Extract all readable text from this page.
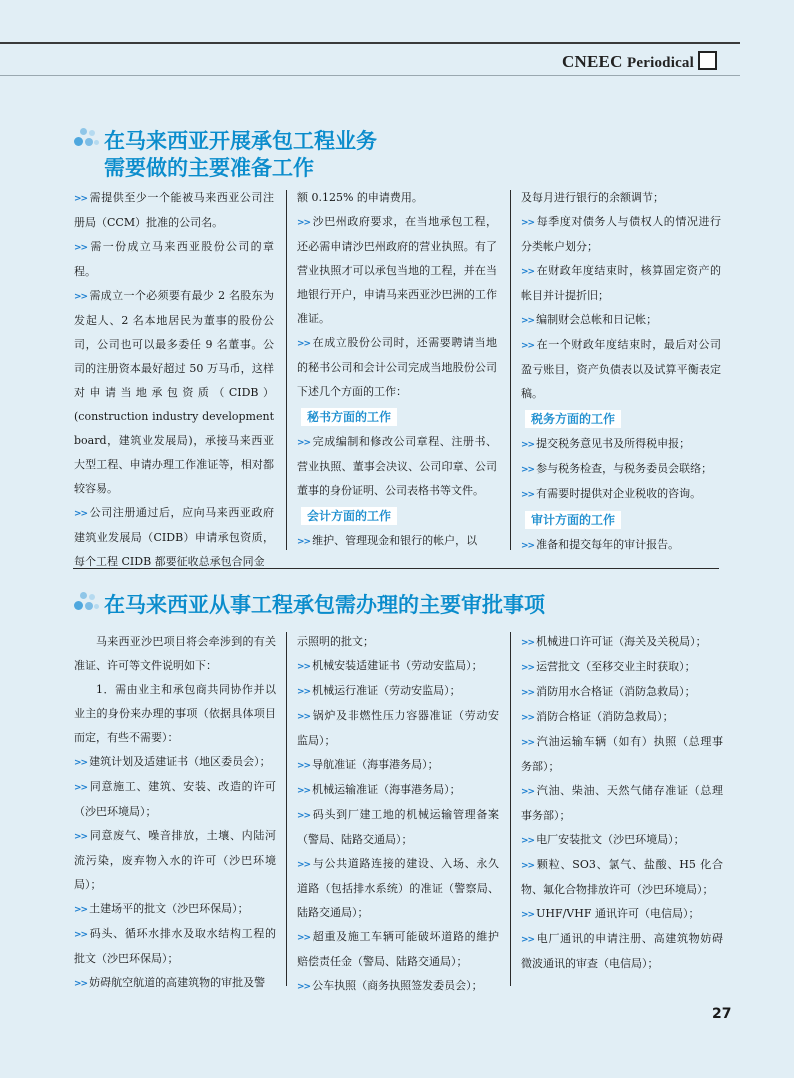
CNEEC Periodical
在马来西亚开展承包工程业务
需要做的主要准备工作

>> 需提供至少一个能被马来西亚公司注册局（CCM）批准的公司名。

>> 需一份成立马来西亚股份公司的章程。

>> 需成立一个必须要有最少 2 名股东为发起人、2 名本地居民为董事的股份公司，公司也可以最多委任 9 名董事。公司的注册资本最好超过 50 万马币，这样对申请当地承包资质（CIDB）(construction industry development board，建筑业发展局)，承接马来西亚大型工程、申请办理工作准证等，相对都较容易。

>> 公司注册通过后，应向马来西亚政府建筑业发展局（CIDB）申请承包资质，每个工程 CIDB 都要征收总承包合同金

额 0.125% 的申请费用。

>> 沙巴州政府要求，在当地承包工程，还必需申请沙巴州政府的营业执照。有了营业执照才可以承包当地的工程，并在当地银行开户，申请马来西亚沙巴洲的工作准证。

>> 在成立股份公司时，还需要聘请当地的秘书公司和会计公司完成当地股份公司下述几个方面的工作：

秘书方面的工作

>> 完成编制和修改公司章程、注册书、营业执照、董事会决议、公司印章、公司董事的身份证明、公司表格书等文件。

会计方面的工作

>> 维护、管理现金和银行的帐户，以

及每月进行银行的余额调节；

>> 每季度对债务人与债权人的情况进行分类帐户划分；

>> 在财政年度结束时，核算固定资产的帐目并计提折旧；

>> 编制财会总帐和日记帐；

>> 在一个财政年度结束时，最后对公司盈亏账目，资产负债表以及试算平衡表定稿。

税务方面的工作

>> 提交税务意见书及所得税申报；

>> 参与税务检查，与税务委员会联络；

>> 有需要时提供对企业税收的咨询。

审计方面的工作

>> 准备和提交每年的审计报告。

在马来西亚从事工程承包需办理的主要审批事项

马来西亚沙巴项目将会牵涉到的有关准证、许可等文件说明如下：

1．需由业主和承包商共同协作并以业主的身份来办理的事项（依据具体项目而定，有些不需要）：

>> 建筑计划及适建证书（地区委员会）；

>> 同意施工、建筑、安装、改造的许可（沙巴环境局）；

>> 同意废气、噪音排放，土壤、内陆河流污染，废弃物入水的许可（沙巴环境局）；

>> 土建场平的批文（沙巴环保局）；

>> 码头、循环水排水及取水结构工程的批文（沙巴环保局）；

>> 妨碍航空航道的高建筑物的审批及警

示照明的批文；

>> 机械安装适建证书（劳动安监局）；

>> 机械运行准证（劳动安监局）；

>> 锅炉及非燃性压力容器准证（劳动安监局）；

>> 导航准证（海事港务局）；

>> 机械运输准证（海事港务局）；

>> 码头到厂建工地的机械运输管理备案（警局、陆路交通局）；

>> 与公共道路连接的建设、入场、永久道路（包括排水系统）的准证（警察局、陆路交通局）；

>> 超重及施工车辆可能破坏道路的維护赔偿责任金（警局、陆路交通局）；

>> 公车执照（商务执照签发委员会）；

>> 机械进口许可证（海关及关税局）；

>> 运营批文（至移交业主时获取）；

>> 消防用水合格证（消防急救局）；

>> 消防合格证（消防急救局）；

>> 汽油运输车辆（如有）执照（总理事务部）；

>> 汽油、柴油、天然气储存准证（总理事务部）；

>> 电厂安装批文（沙巴环境局）；

>> 颗粒、SO3、氯气、盐酸、H5 化合物、氟化合物排放许可（沙巴环境局）；

>> UHF/VHF 通讯许可（电信局）；

>> 电厂通讯的申请注册、高建筑物妨碍微波通讯的审查（电信局）；

27
